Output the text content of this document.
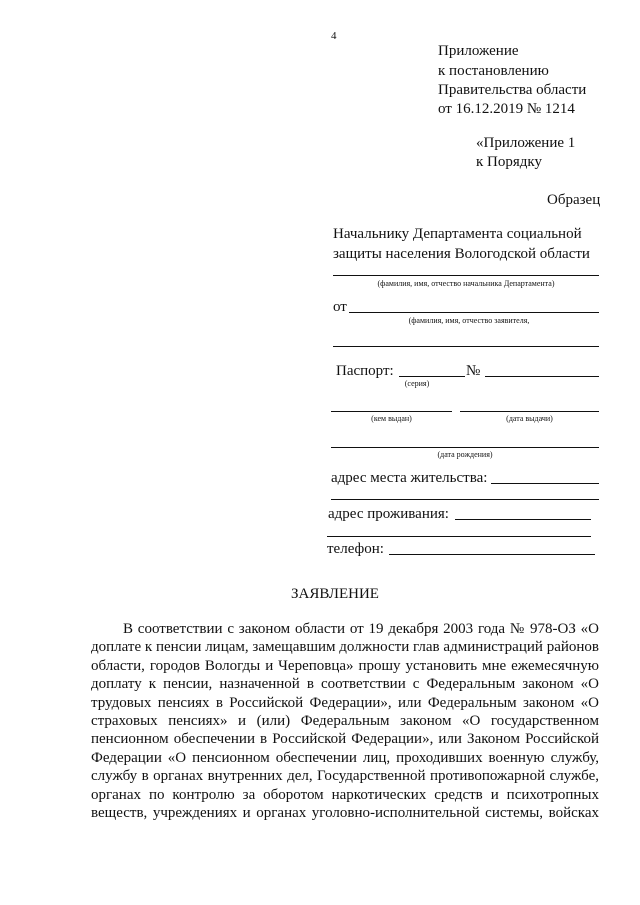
4
Приложение
к постановлению
Правительства области
от 16.12.2019 № 1214
«Приложение 1
к Порядку
Образец
Начальнику Департамента социальной
защиты населения Вологодской области
(фамилия, имя, отчество начальника Департамента)
от
(фамилия, имя, отчество заявителя,
Паспорт:	№
(серия)
(кем выдан)	(дата выдачи)
(дата рождения)
адрес места жительства:
адрес проживания:
телефон:
ЗАЯВЛЕНИЕ
В соответствии с законом области от 19 декабря 2003 года № 978-ОЗ «О
доплате к пенсии лицам, замещавшим должности глав администраций районов
области, городов Вологды и Череповца» прошу установить мне ежемесячную
доплату к пенсии, назначенной в соответствии с Федеральным законом «О
трудовых пенсиях в Российской Федерации», или Федеральным законом «О
страховых пенсиях» и (или) Федеральным законом «О государственном
пенсионном обеспечении в Российской Федерации», или Законом Российской
Федерации «О пенсионном обеспечении лиц, проходивших военную службу,
службу в органах внутренних дел, Государственной противопожарной службе,
органах по контролю за оборотом наркотических средств и психотропных
веществ, учреждениях и органах уголовно-исполнительной системы, войсках
